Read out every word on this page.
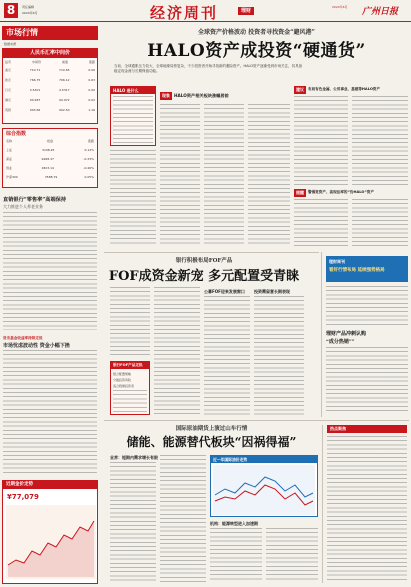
8	责任编辑
2024年6月	经济周刊	理财
2024年6月	广州日报
市场行情
数据来源
人民币汇率中间价
货币	中间价	前值	涨跌
美元	710.71	710.65	0.06
欧元	766.75	766.12	0.63
日元	4.5301	4.5317	0.00
港元	90.987	90.972	0.02
英镑	903.66	902.50	1.16
综合指数
名称	收盘	涨跌
上证	3108.45	0.12%
深证	9468.37	-0.33%
创业	1823.14	-0.46%
沪深300	3588.79	0.05%
直销银行“零售率”高端保持
大力推进个人养老业务
货币基金收益率持续走低
市场忧虑波动性 资金小幅下挫
近期金价走势
¥77,079
全球资产价格波动 投资者寻找资金“避风港”
HALO资产成投资“硬通货”
当前，全球通胀压力较大，全球地缘局势复杂，不少投资者开始寻找新的避险资产。HALO资产逐渐受到市场关注，其具备稳定现金流与长期保值功能。
HALO 是什么
现象 HALO资产相关板块涨幅居前
建议	布局有色金属、公用事业、基建等HALO资产
提醒	警惕宽资产、高现法率的“伪HALO”资产
银行积极布局FOF产品
FOF成资金新宠 多元配置受青睐
银行FOF产品走热
组合配置策略
分散投资风险
适合稳健投资者
公募FOF迎来发展窗口 投资需留意长期表现
理财周刊
看好行情布局 延续强势格局
理财产品冲刺认购
“成分热销””
国际原油期货上演过山车行情
储能、能源替代板块“因祸得福”
业界：短期内需求增长有限	近一年国际油价走势
机构：能源转型进入加速期
热点聚焦
